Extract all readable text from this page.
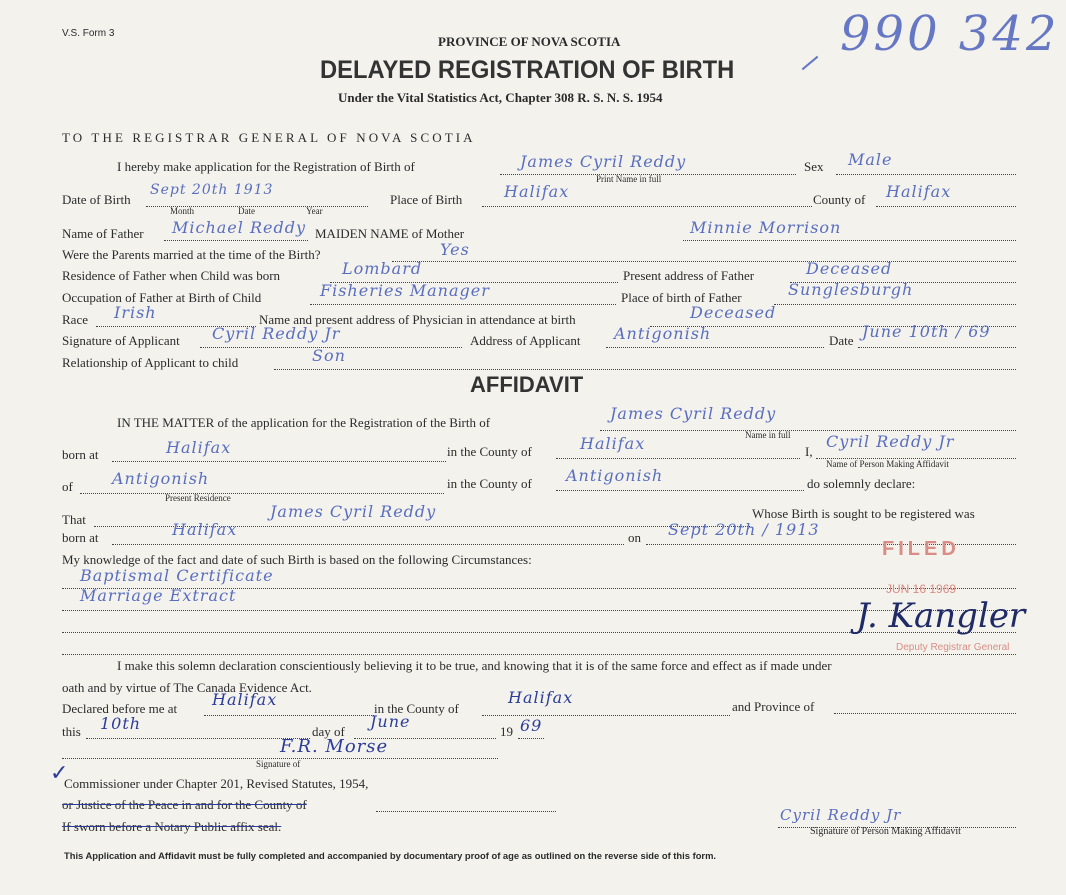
V.S. Form 3
PROVINCE OF NOVA SCOTIA
DELAYED REGISTRATION OF BIRTH
Under the Vital Statistics Act, Chapter 308 R. S. N. S. 1954
990 342
TO THE REGISTRAR GENERAL OF NOVA SCOTIA
I hereby make application for the Registration of Birth of	James Cyril Reddy
Print Name in full
Sex Male
Date of Birth
Sept 20th 1913
Month	Date	Year
Place of Birth	Halifax	County of Halifax
Name of Father Michael Reddy MAIDEN NAME of Mother	Minnie Morrison
Were the Parents married at the time of the Birth?	Yes
Residence of Father when Child was born	Lombard	Present address of Father	Deceased
Occupation of Father at Birth of Child	Fisheries Manager	Place of birth of Father	Sunglesburgh
Race Irish	Name and present address of Physician in attendance at birth	Deceased
Signature of Applicant Cyril Reddy Jr	Address of Applicant Antigonish	Date June 10th / 69
Relationship of Applicant to child	Son
AFFIDAVIT
IN THE MATTER of the application for the Registration of the Birth of	James Cyril Reddy
Name in full
born at	Halifax	in the County of	Halifax	I,
Cyril Reddy Jr
Name of Person Making Affidavit
of Antigonish
Present Residence
in the County of Antigonish	do solemnly declare:
That	James Cyril Reddy	Whose Birth is sought to be registered was
born at	Halifax	on Sept 20th / 1913
My knowledge of the fact and date of such Birth is based on the following Circumstances:
Baptismal Certificate
Marriage Extract
FILED
JUN 16 1969
J. Kangler
Deputy Registrar General
I make this solemn declaration conscientiously believing it to be true, and knowing that it is of the same force and effect as if made under
oath and by virtue of The Canada Evidence Act.
Declared before me at Halifax	in the County of
Halifax	and Province of
this 10th	day of
June
19 69
F.R. Morse
Signature of
✓
Commissioner under Chapter 201, Revised Statutes, 1954,
or Justice of the Peace in and for the County of
If sworn before a Notary Public affix seal.
Cyril Reddy Jr
Signature of Person Making Affidavit
This Application and Affidavit must be fully completed and accompanied by documentary proof of age as outlined on the reverse side of this form.
